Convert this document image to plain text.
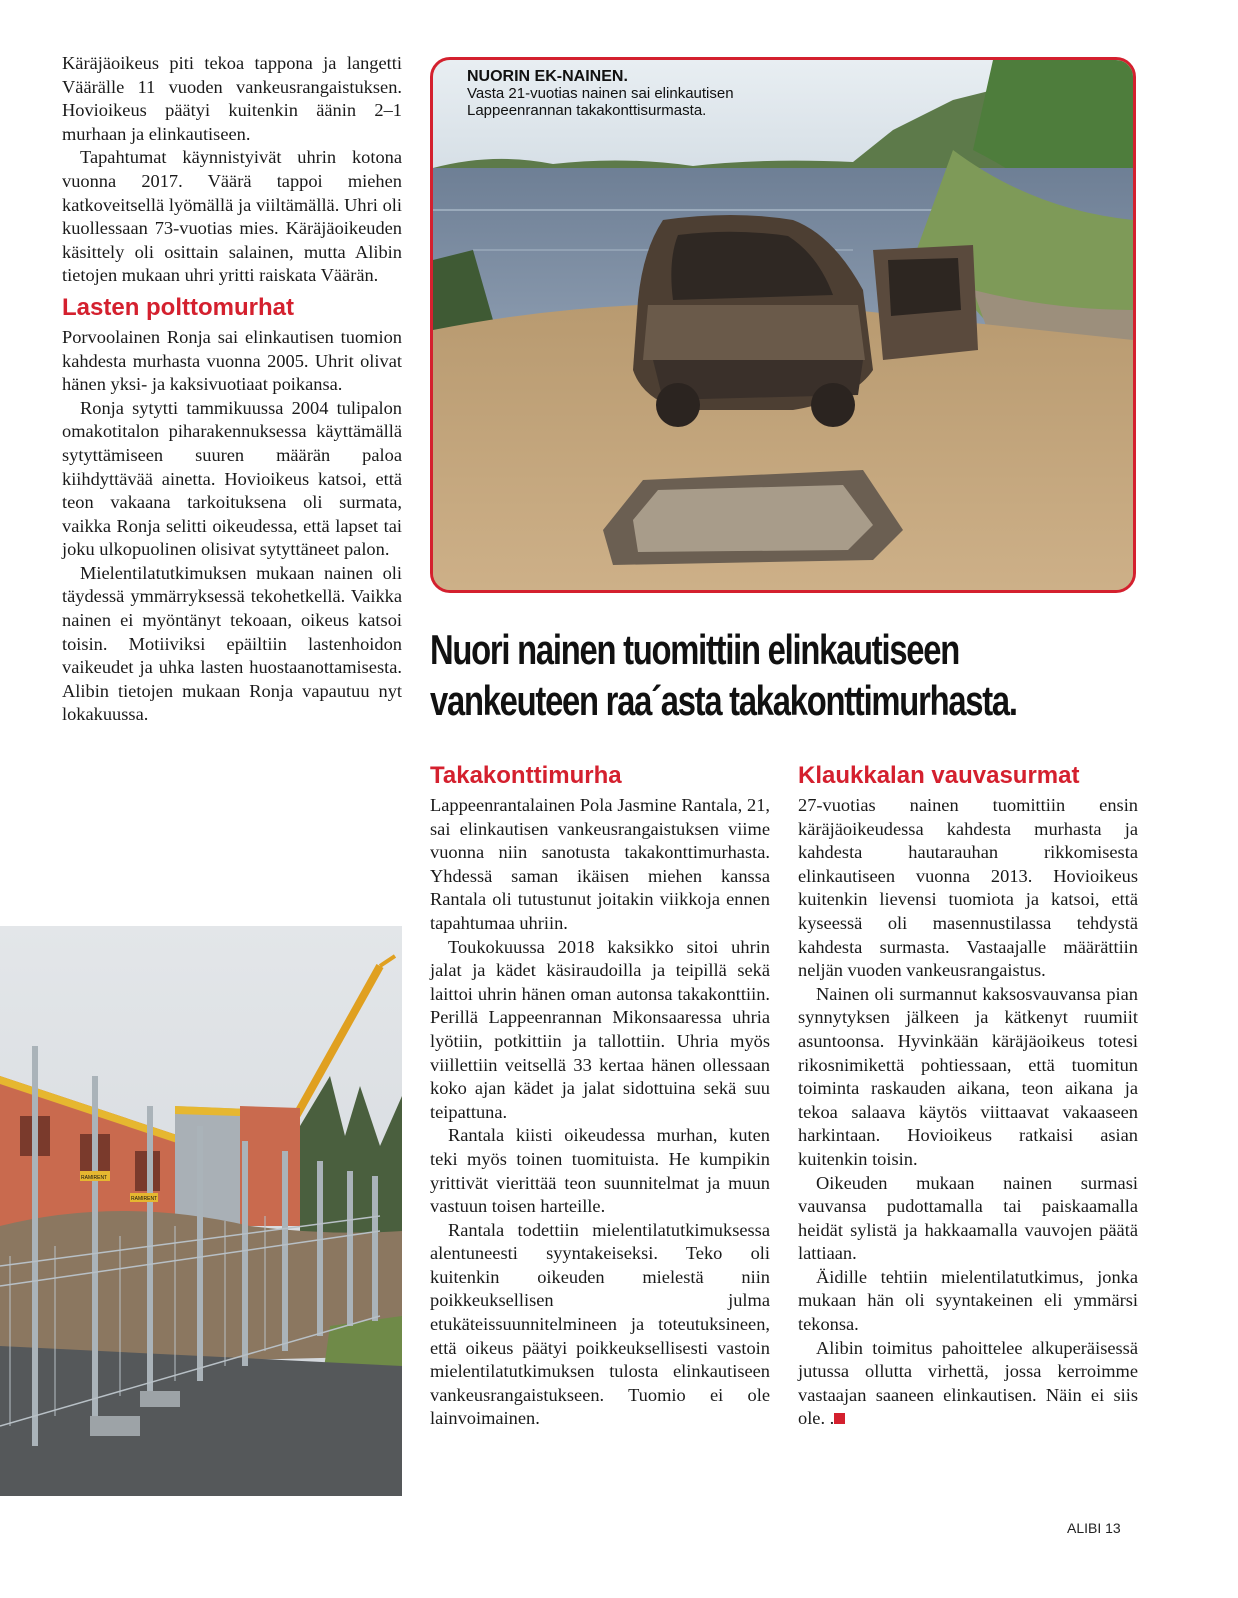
Käräjäoikeus piti tekoa tappona ja langetti Väärälle 11 vuoden vankeusrangaistuksen. Hovioikeus päätyi kuitenkin äänin 2–1 murhaan ja elinkautiseen.

Tapahtumat käynnistyivät uhrin kotona vuonna 2017. Väärä tappoi miehen katkoveitsellä lyömällä ja viiltämällä. Uhri oli kuollessaan 73-vuotias mies. Käräjäoikeuden käsittely oli osittain salainen, mutta Alibin tietojen mukaan uhri yritti raiskata Väärän.

Lasten polttomurhat

Porvoolainen Ronja sai elinkautisen tuomion kahdesta murhasta vuonna 2005. Uhrit olivat hänen yksi- ja kaksivuotiaat poikansa.

Ronja sytytti tammikuussa 2004 tulipalon omakotitalon piharakennuksessa käyttämällä sytyttämiseen suuren määrän paloa kiihdyttävää ainetta. Hovioikeus katsoi, että teon vakaana tarkoituksena oli surmata, vaikka Ronja selitti oikeudessa, että lapset tai joku ulkopuolinen olisivat sytyttäneet palon.

Mielentilatutkimuksen mukaan nainen oli täydessä ymmärryksessä tekohetkellä. Vaikka nainen ei myöntänyt tekoaan, oikeus katsoi toisin. Motiiviksi epäiltiin lastenhoidon vaikeudet ja uhka lasten huostaanottamisesta. Alibin tietojen mukaan Ronja vapautuu nyt lokakuussa.

NUORIN EK-NAINEN.
Vasta 21-vuotias nainen sai elinkautisen
Lappeenrannan takakonttisurmasta.
Nuori nainen tuomittiin elinkautiseen
vankeuteen raa´asta takakonttimurhasta.
Takakonttimurha

Lappeenrantalainen Pola Jasmine Rantala, 21, sai elinkautisen vankeusrangaistuksen viime vuonna niin sanotusta takakonttimurhasta. Yhdessä saman ikäisen miehen kanssa Rantala oli tutustunut joitakin viikkoja ennen tapahtumaa uhriin.

Toukokuussa 2018 kaksikko sitoi uhrin jalat ja kädet käsiraudoilla ja teipillä sekä laittoi uhrin hänen oman autonsa takakonttiin. Perillä Lappeenrannan Mikonsaaressa uhria lyötiin, potkittiin ja tallottiin. Uhria myös viillettiin veitsellä 33 kertaa hänen ollessaan koko ajan kädet ja jalat sidottuina sekä suu teipattuna.

Rantala kiisti oikeudessa murhan, kuten teki myös toinen tuomituista. He kumpikin yrittivät vierittää teon suunnitelmat ja muun vastuun toisen harteille.

Rantala todettiin mielentilatutkimuksessa alentuneesti syyntakeiseksi. Teko oli kuitenkin oikeuden mielestä niin poikkeuksellisen julma etukäteissuunnitelmineen ja toteutuksineen, että oikeus päätyi poikkeuksellisesti vastoin mielentilatutkimuksen tulosta elinkautiseen vankeusrangaistukseen. Tuomio ei ole lainvoimainen.

Klaukkalan vauvasurmat

27-vuotias nainen tuomittiin ensin käräjäoikeudessa kahdesta murhasta ja kahdesta hautarauhan rikkomisesta elinkautiseen vuonna 2013. Hovioikeus kuitenkin lievensi tuomiota ja katsoi, että kyseessä oli masennustilassa tehdystä kahdesta surmasta. Vastaajalle määrättiin neljän vuoden vankeusrangaistus.

Nainen oli surmannut kaksosvauvansa pian synnytyksen jälkeen ja kätkenyt ruumiit asuntoonsa. Hyvinkään käräjäoikeus totesi rikosnimikettä pohtiessaan, että tuomitun toiminta raskauden aikana, teon aikana ja tekoa salaava käytös viittaavat vakaaseen harkintaan. Hovioikeus ratkaisi asian kuitenkin toisin.

Oikeuden mukaan nainen surmasi vauvansa pudottamalla tai paiskaamalla heidät sylistä ja hakkaamalla vauvojen päätä lattiaan.

Äidille tehtiin mielentilatutkimus, jonka mukaan hän oli syyntakeinen eli ymmärsi tekonsa.

Alibin toimitus pahoittelee alkuperäisessä jutussa ollutta virhettä, jossa kerroimme vastaajan saaneen elinkautisen. Näin ei siis ole. .

RAMIRENT
RAMIRENT
ALIBI 13
